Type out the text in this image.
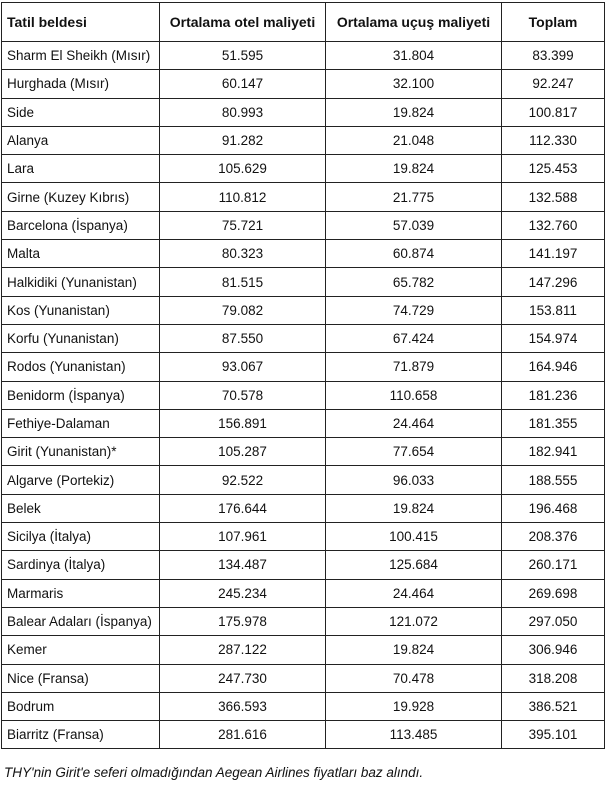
Tatil beldesi	Ortalama otel maliyeti	Ortalama uçuş maliyeti	Toplam
Sharm El Sheikh (Mısır)	51.595	31.804	83.399
Hurghada (Mısır)	60.147	32.100	92.247
Side	80.993	19.824	100.817
Alanya	91.282	21.048	112.330
Lara	105.629	19.824	125.453
Girne (Kuzey Kıbrıs)	110.812	21.775	132.588
Barcelona (İspanya)	75.721	57.039	132.760
Malta	80.323	60.874	141.197
Halkidiki (Yunanistan)	81.515	65.782	147.296
Kos (Yunanistan)	79.082	74.729	153.811
Korfu (Yunanistan)	87.550	67.424	154.974
Rodos (Yunanistan)	93.067	71.879	164.946
Benidorm (İspanya)	70.578	110.658	181.236
Fethiye-Dalaman	156.891	24.464	181.355
Girit (Yunanistan)*	105.287	77.654	182.941
Algarve (Portekiz)	92.522	96.033	188.555
Belek	176.644	19.824	196.468
Sicilya (İtalya)	107.961	100.415	208.376
Sardinya (İtalya)	134.487	125.684	260.171
Marmaris	245.234	24.464	269.698
Balear Adaları (İspanya)	175.978	121.072	297.050
Kemer	287.122	19.824	306.946
Nice (Fransa)	247.730	70.478	318.208
Bodrum	366.593	19.928	386.521
Biarritz (Fransa)	281.616	113.485	395.101
THY'nin Girit'e seferi olmadığından Aegean Airlines fiyatları baz alındı.
